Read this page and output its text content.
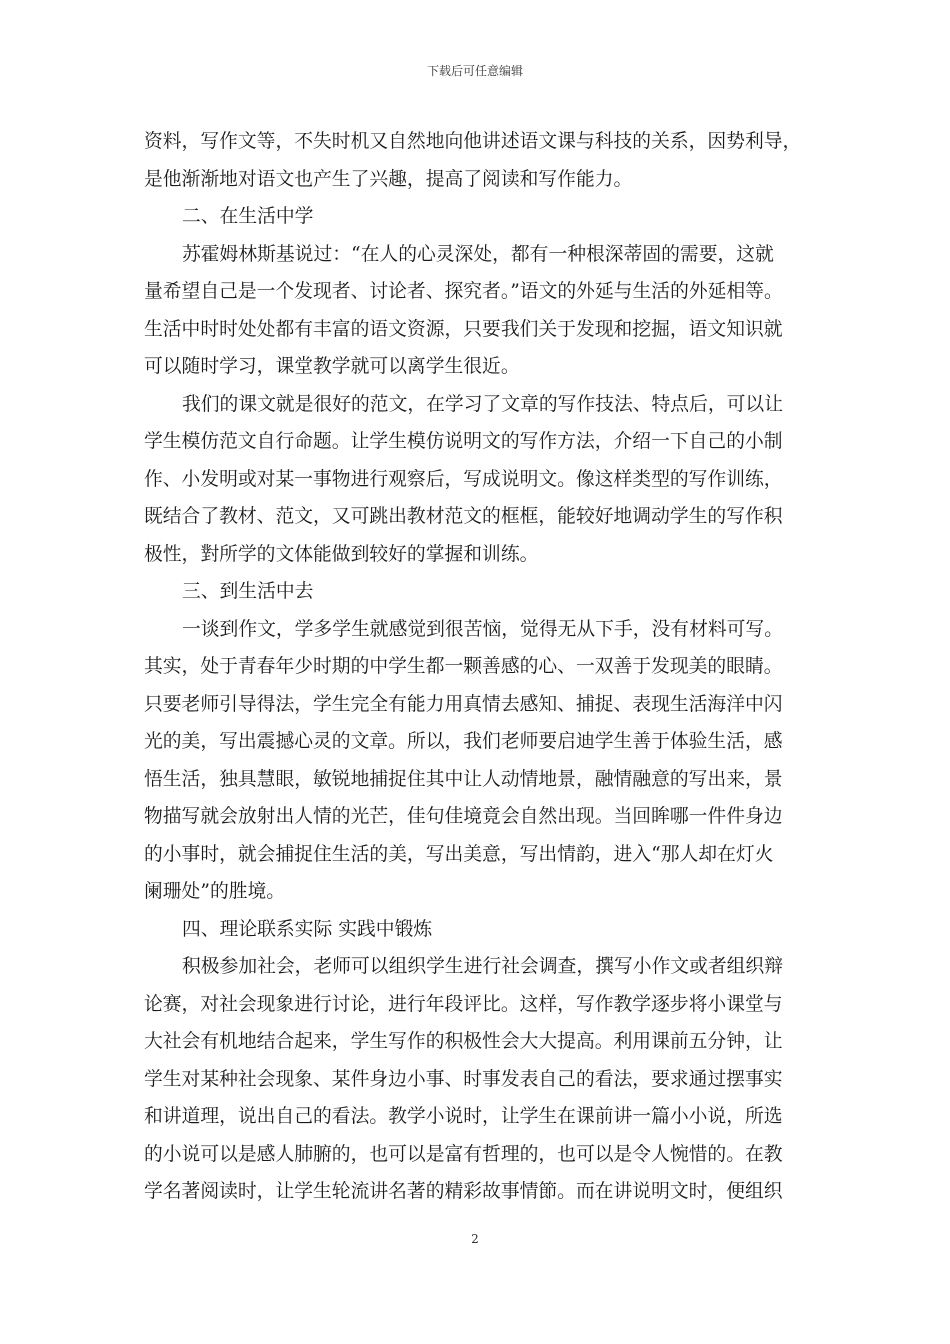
下载后可任意编辑
资料，写作文等，不失时机又自然地向他讲述语文课与科技的关系，因势利导，
是他渐渐地对语文也产生了兴趣，提高了阅读和写作能力。
二、在生活中学
苏霍姆林斯基说过：“在人的心灵深处，都有一种根深蒂固的需要，这就
量希望自己是一个发现者、讨论者、探究者。”语文的外延与生活的外延相等。
生活中时时处处都有丰富的语文资源，只要我们关于发现和挖掘，语文知识就
可以随时学习，课堂教学就可以离学生很近。
我们的课文就是很好的范文，在学习了文章的写作技法、特点后，可以让
学生模仿范文自行命题。让学生模仿说明文的写作方法，介绍一下自己的小制
作、小发明或对某一事物进行观察后，写成说明文。像这样类型的写作训练，
既结合了教材、范文，又可跳出教材范文的框框，能较好地调动学生的写作积
极性，對所学的文体能做到较好的掌握和训练。
三、到生活中去
一谈到作文，学多学生就感觉到很苦恼，觉得无从下手，没有材料可写。
其实，处于青春年少时期的中学生都一颗善感的心、一双善于发现美的眼睛。
只要老师引导得法，学生完全有能力用真情去感知、捕捉、表现生活海洋中闪
光的美，写出震撼心灵的文章。所以，我们老师要启迪学生善于体验生活，感
悟生活，独具慧眼，敏锐地捕捉住其中让人动情地景，融情融意的写出来，景
物描写就会放射出人情的光芒，佳句佳境竟会自然出现。当回眸哪一件件身边
的小事时，就会捕捉住生活的美，写出美意，写出情韵，进入“那人却在灯火
阑珊处”的胜境。
四、理论联系实际 实践中锻炼
积极参加社会，老师可以组织学生进行社会调查，撰写小作文或者组织辩
论赛，对社会现象进行讨论，进行年段评比。这样，写作教学逐步将小课堂与
大社会有机地结合起来，学生写作的积极性会大大提高。利用课前五分钟，让
学生对某种社会现象、某件身边小事、时事发表自己的看法，要求通过摆事实
和讲道理，说出自己的看法。教学小说时，让学生在课前讲一篇小小说，所选
的小说可以是感人肺腑的，也可以是富有哲理的，也可以是令人惋惜的。在教
学名著阅读时，让学生轮流讲名著的精彩故事情節。而在讲说明文时，便组织
2
